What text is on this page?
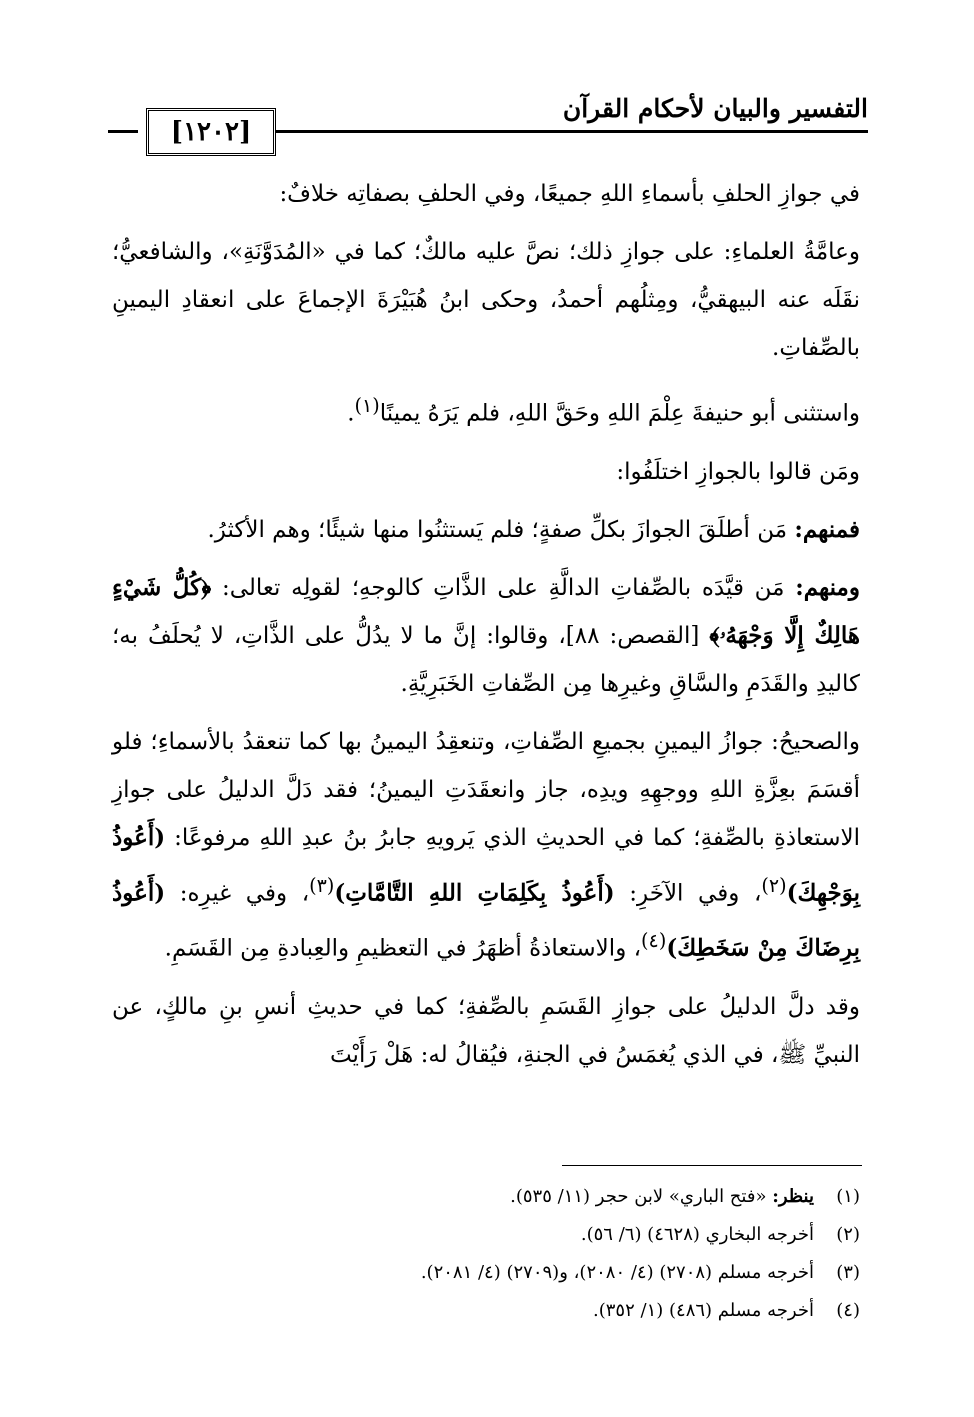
التفسير والبيان لأحكام القرآن
[١٢٠٢]

في جوازِ الحلفِ بأسماءِ اللهِ جميعًا، وفي الحلفِ بصفاتِه خلافٌ:

وعامَّةُ العلماءِ: على جوازِ ذلك؛ نصَّ عليه مالكٌ؛ كما في «المُدَوَّنَةِ»، والشافعيُّ؛ نقَلَه عنه البيهقيُّ، ومِثلُهم أحمدُ، وحكى ابنُ هُبَيْرَةَ الإجماعَ على انعقادِ اليمينِ بالصِّفاتِ.

واستثنى أبو حنيفةَ عِلْمَ اللهِ وحَقَّ اللهِ، فلم يَرَهُ يمينًا$^{(١)}$.

ومَن قالوا بالجوازِ اختلَفُوا:

فمنهم: مَن أطلَقَ الجوازَ بكلِّ صفةٍ؛ فلم يَستثنُوا منها شيئًا؛ وهم الأكثرُ.

ومنهم: مَن قيَّدَه بالصِّفاتِ الدالَّةِ على الذَّاتِ كالوجهِ؛ لقولِه تعالى: ﴿كُلُّ شَيْءٍ هَالِكٌ إِلَّا وَجْهَهُۥ﴾ [القصص: ٨٨]، وقالوا: إنَّ ما لا يدُلُّ على الذَّاتِ، لا يُحلَفُ به؛ كاليدِ والقَدَمِ والسَّاقِ وغيرِها مِن الصِّفاتِ الخَبَرِيَّةِ.

والصحيحُ: جوازُ اليمينِ بجميعِ الصِّفاتِ، وتنعقِدُ اليمينُ بها كما تنعقدُ بالأسماءِ؛ فلو أقسَمَ بعِزَّةِ اللهِ ووجهِهِ ويدِه، جاز وانعقَدَتِ اليمينُ؛ فقد دَلَّ الدليلُ على جوازِ الاستعاذةِ بالصِّفةِ؛ كما في الحديثِ الذي يَرويهِ جابرُ بنُ عبدِ اللهِ مرفوعًا: (أَعُوذُ بِوَجْهِكَ)$^{(٢)}$، وفي الآخَرِ: (أَعُوذُ بِكَلِمَاتِ اللهِ التَّامَّاتِ)$^{(٣)}$، وفي غيرِه: (أَعُوذُ بِرِضَاكَ مِنْ سَخَطِكَ)$^{(٤)}$، والاستعاذةُ أظهَرُ في التعظيمِ والعِبادةِ مِن القَسَمِ.

وقد دلَّ الدليلُ على جوازِ القَسَمِ بالصِّفةِ؛ كما في حديثِ أنسِ بنِ مالكٍ، عن النبيِّ ﷺ، في الذي يُغمَسُ في الجنةِ، فيُقالُ له: هَلْ رَأَيْتَ

(١)ينظر: «فتح الباري» لابن حجر (١١/ ٥٣٥).
(٢)أخرجه البخاري (٤٦٢٨) (٦/ ٥٦).
(٣)أخرجه مسلم (٢٧٠٨) (٤/ ٢٠٨٠)، و(٢٧٠٩) (٤/ ٢٠٨١).
(٤)أخرجه مسلم (٤٨٦) (١/ ٣٥٢).
